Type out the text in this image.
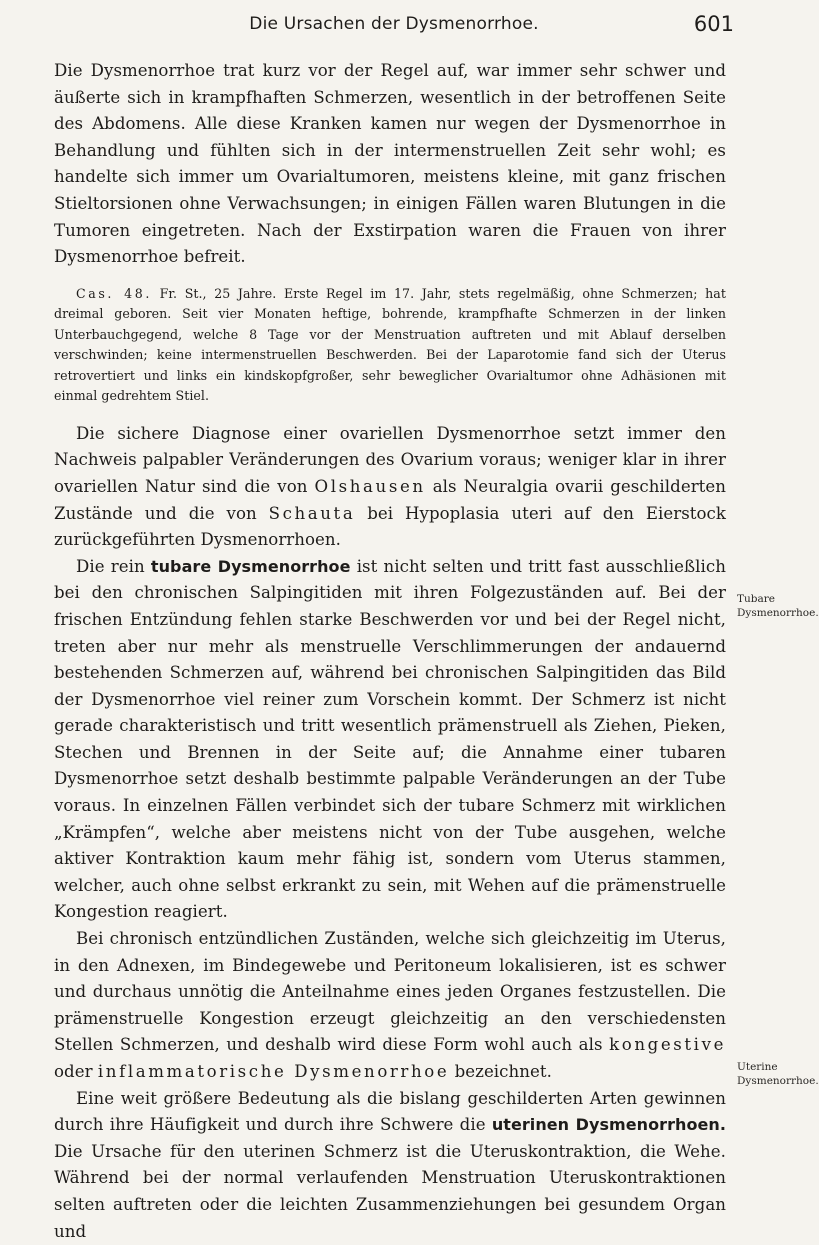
Die Ursachen der Dysmenorrhoe.	601

Die Dysmenorrhoe trat kurz vor der Regel auf, war immer sehr schwer und äußerte sich in krampfhaften Schmerzen, wesentlich in der betroffenen Seite des Abdomens. Alle diese Kranken kamen nur wegen der Dysmenorrhoe in Behandlung und fühlten sich in der intermenstruellen Zeit sehr wohl; es handelte sich immer um Ovarialtumoren, meistens kleine, mit ganz frischen Stieltorsionen ohne Verwachsungen; in einigen Fällen waren Blutungen in die Tumoren eingetreten. Nach der Exstirpation waren die Frauen von ihrer Dysmenorrhoe befreit.

Cas. 48. Fr. St., 25 Jahre. Erste Regel im 17. Jahr, stets regelmäßig, ohne Schmerzen; hat dreimal geboren. Seit vier Monaten heftige, bohrende, krampfhafte Schmerzen in der linken Unterbauchgegend, welche 8 Tage vor der Menstruation auftreten und mit Ablauf derselben verschwinden; keine intermenstruellen Beschwerden. Bei der Laparotomie fand sich der Uterus retrovertiert und links ein kindskopfgroßer, sehr beweglicher Ovarialtumor ohne Adhäsionen mit einmal gedrehtem Stiel.

Die sichere Diagnose einer ovariellen Dysmenorrhoe setzt immer den Nachweis palpabler Veränderungen des Ovarium voraus; weniger klar in ihrer ovariellen Natur sind die von Olshausen als Neuralgia ovarii geschilderten Zustände und die von Schauta bei Hypoplasia uteri auf den Eierstock zurückgeführten Dysmenorrhoen.

Die rein tubare Dysmenorrhoe ist nicht selten und tritt fast ausschließlich bei den chronischen Salpingitiden mit ihren Folgezuständen auf. Bei der frischen Entzündung fehlen starke Beschwerden vor und bei der Regel nicht, treten aber nur mehr als menstruelle Verschlimmerungen der andauernd bestehenden Schmerzen auf, während bei chronischen Salpingitiden das Bild der Dysmenorrhoe viel reiner zum Vorschein kommt. Der Schmerz ist nicht gerade charakteristisch und tritt wesentlich prämenstruell als Ziehen, Pieken, Stechen und Brennen in der Seite auf; die Annahme einer tubaren Dysmenorrhoe setzt deshalb bestimmte palpable Veränderungen an der Tube voraus. In einzelnen Fällen verbindet sich der tubare Schmerz mit wirklichen „Krämpfen“, welche aber meistens nicht von der Tube ausgehen, welche aktiver Kontraktion kaum mehr fähig ist, sondern vom Uterus stammen, welcher, auch ohne selbst erkrankt zu sein, mit Wehen auf die prämenstruelle Kongestion reagiert.

Bei chronisch entzündlichen Zuständen, welche sich gleichzeitig im Uterus, in den Adnexen, im Bindegewebe und Peritoneum lokalisieren, ist es schwer und durchaus unnötig die Anteilnahme eines jeden Organes festzustellen. Die prämenstruelle Kongestion erzeugt gleichzeitig an den verschiedensten Stellen Schmerzen, und deshalb wird diese Form wohl auch als kongestive oder inflammatorische Dysmenorrhoe bezeichnet.

Eine weit größere Bedeutung als die bislang geschilderten Arten gewinnen durch ihre Häufigkeit und durch ihre Schwere die uterinen Dysmenorrhoen. Die Ursache für den uterinen Schmerz ist die Uteruskontraktion, die Wehe. Während bei der normal verlaufenden Menstruation Uteruskontraktionen selten auftreten oder die leichten Zusammenziehungen bei gesundem Organ und

Tubare
Dysmenorrhoe.
Uterine
Dysmenorrhoe.
